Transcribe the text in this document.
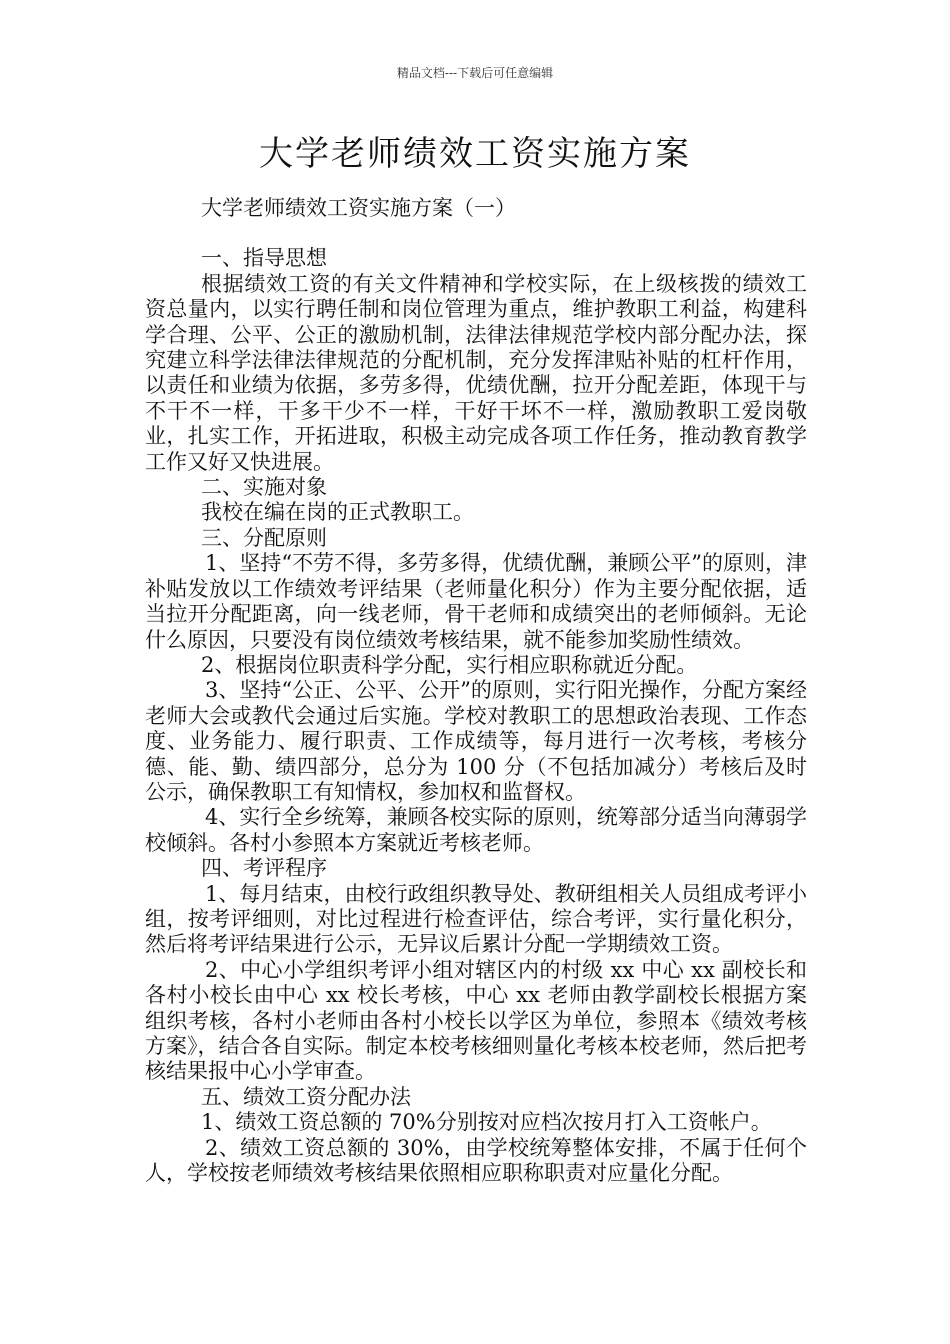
精品文档---下载后可任意编辑
大学老师绩效工资实施方案

大学老师绩效工资实施方案（一）

一、指导思想

根据绩效工资的有关文件精神和学校实际，在上级核拨的绩效工资总量内，以实行聘任制和岗位管理为重点，维护教职工利益，构建科学合理、公平、公正的激励机制，法律法律规范学校内部分配办法，探究建立科学法律法律规范的分配机制，充分发挥津贴补贴的杠杆作用，以责任和业绩为依据，多劳多得，优绩优酬，拉开分配差距，体现干与不干不一样，干多干少不一样，干好干坏不一样，激励教职工爱岗敬业，扎实工作，开拓进取，积极主动完成各项工作任务，推动教育教学工作又好又快进展。

二、实施对象

我校在编在岗的正式教职工。

三、分配原则

1、坚持“不劳不得，多劳多得，优绩优酬，兼顾公平”的原则，津补贴发放以工作绩效考评结果（老师量化积分）作为主要分配依据，适当拉开分配距离，向一线老师，骨干老师和成绩突出的老师倾斜。无论什么原因，只要没有岗位绩效考核结果，就不能参加奖励性绩效。

2、根据岗位职责科学分配，实行相应职称就近分配。

3、坚持“公正、公平、公开”的原则，实行阳光操作，分配方案经老师大会或教代会通过后实施。学校对教职工的思想政治表现、工作态度、业务能力、履行职责、工作成绩等，每月进行一次考核，考核分德、能、勤、绩四部分，总分为 100 分（不包括加减分）考核后及时公示，确保教职工有知情权，参加权和监督权。

4、实行全乡统筹，兼顾各校实际的原则，统筹部分适当向薄弱学校倾斜。各村小参照本方案就近考核老师。

四、考评程序

1、每月结束，由校行政组织教导处、教研组相关人员组成考评小组，按考评细则，对比过程进行检查评估，综合考评，实行量化积分，然后将考评结果进行公示，无异议后累计分配一学期绩效工资。

2、中心小学组织考评小组对辖区内的村级 xx 中心 xx 副校长和各村小校长由中心 xx 校长考核，中心 xx 老师由教学副校长根据方案组织考核，各村小老师由各村小校长以学区为单位，参照本《绩效考核方案》，结合各自实际。制定本校考核细则量化考核本校老师，然后把考核结果报中心小学审查。

五、绩效工资分配办法

1、绩效工资总额的 70%分别按对应档次按月打入工资帐户。

2、绩效工资总额的 30%，由学校统筹整体安排，不属于任何个人，学校按老师绩效考核结果依照相应职称职责对应量化分配。
